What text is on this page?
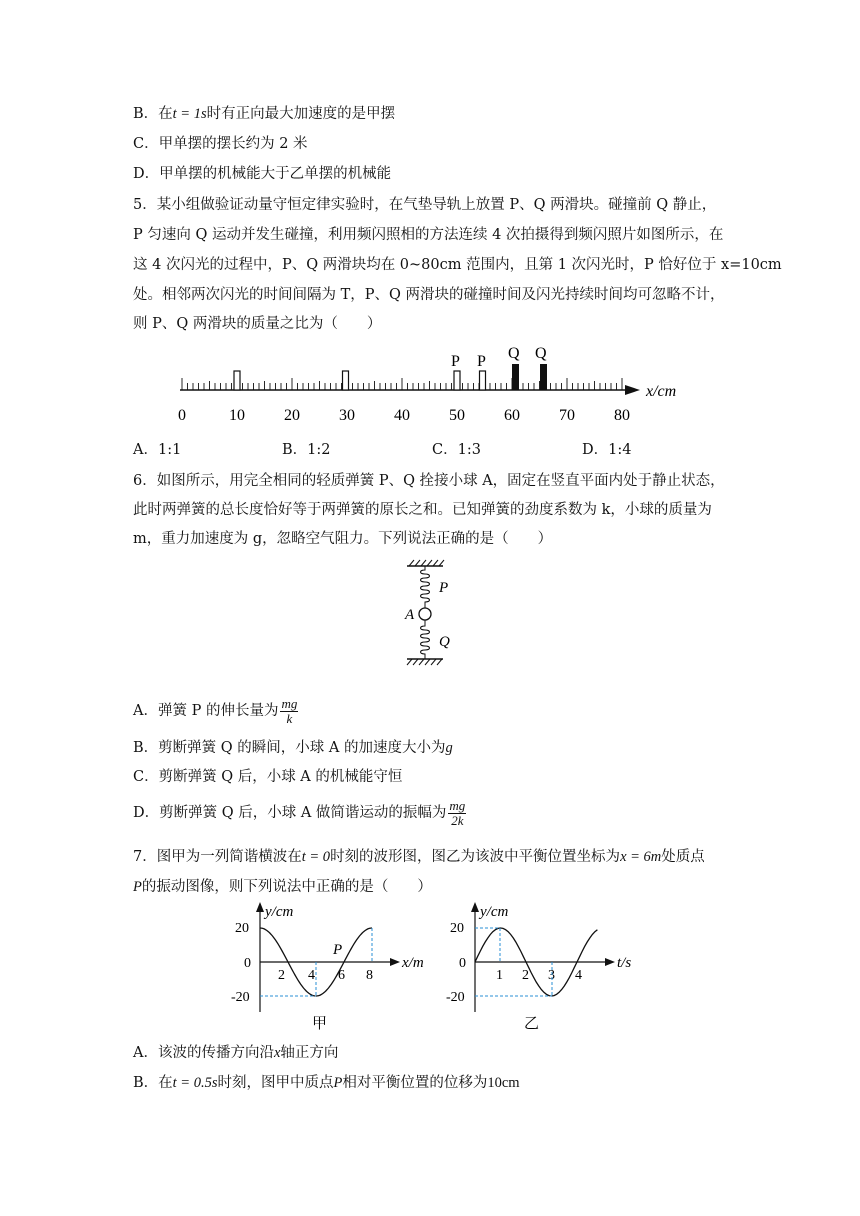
B．在t = 1s时有正向最大加速度的是甲摆
C．甲单摆的摆长约为 2 米
D．甲单摆的机械能大于乙单摆的机械能
5．某小组做验证动量守恒定律实验时，在气垫导轨上放置 P、Q 两滑块。碰撞前 Q 静止，
P 匀速向 Q 运动并发生碰撞，利用频闪照相的方法连续 4 次拍摄得到频闪照片如图所示，在
这 4 次闪光的过程中，P、Q 两滑块均在 0~80cm 范围内，且第 1 次闪光时，P 恰好位于 x=10cm
处。相邻两次闪光的时间间隔为 T，P、Q 两滑块的碰撞时间及闪光持续时间均可忽略不计，
则 P、Q 两滑块的质量之比为（　　）
x/cm
0	10 20 30 40 50 60 70 80
P P Q Q
A．1:1	B．1:2	C．1:3	D．1:4
6．如图所示，用完全相同的轻质弹簧 P、Q 拴接小球 A，固定在竖直平面内处于静止状态，
此时两弹簧的总长度恰好等于两弹簧的原长之和。已知弹簧的劲度系数为 k，小球的质量为
m，重力加速度为 g，忽略空气阻力。下列说法正确的是（　　）
P
A
Q
A．弹簧 P 的伸长量为 $\frac{mg}{k}$
B．剪断弹簧 Q 的瞬间，小球 A 的加速度大小为g
C．剪断弹簧 Q 后，小球 A 的机械能守恒
D．剪断弹簧 Q 后，小球 A 做简谐运动的振幅为 $\frac{mg}{2k}$
7．图甲为一列简谐横波在t = 0时刻的波形图，图乙为该波中平衡位置坐标为x = 6m处质点
P的振动图像，则下列说法中正确的是（　　）
y/cm
x/m
20
0
-20
2 4 6 8
P
甲
y/cm
t/s
20
0
-20
1 2 3 4
乙
A．该波的传播方向沿x轴正方向
B．在t = 0.5s时刻，图甲中质点P相对平衡位置的位移为10cm
